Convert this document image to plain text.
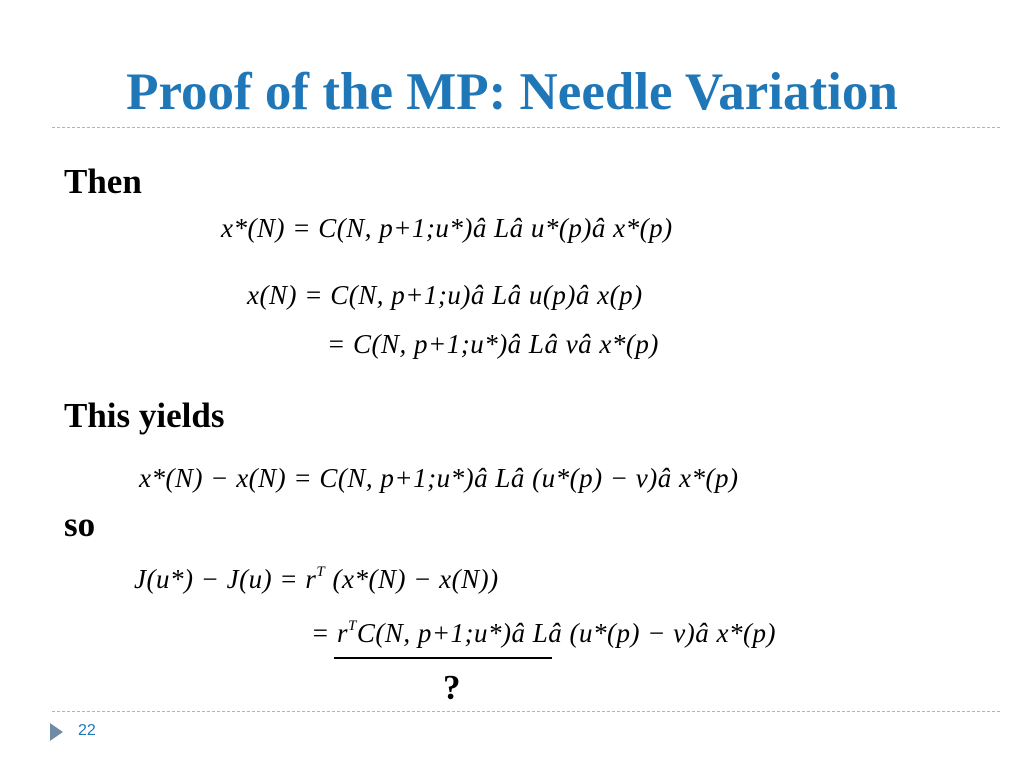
Proof of the MP: Needle Variation
Then
x*(N) = C(N, p+1;u*)â Lâ u*(p)â x*(p)
x(N) = C(N, p+1;u)â Lâ u(p)â x(p)
= C(N, p+1;u*)â Lâ vâ x*(p)
This yields
x*(N) − x(N) = C(N, p+1;u*)â Lâ (u*(p) − v)â x*(p)
so
$J(u*) - J(u) = r^T$ (x*(N) − x(N))
= $r^TC(N$, p+1;u*)â Lâ (u*(p) − v)â x*(p)
?
22
